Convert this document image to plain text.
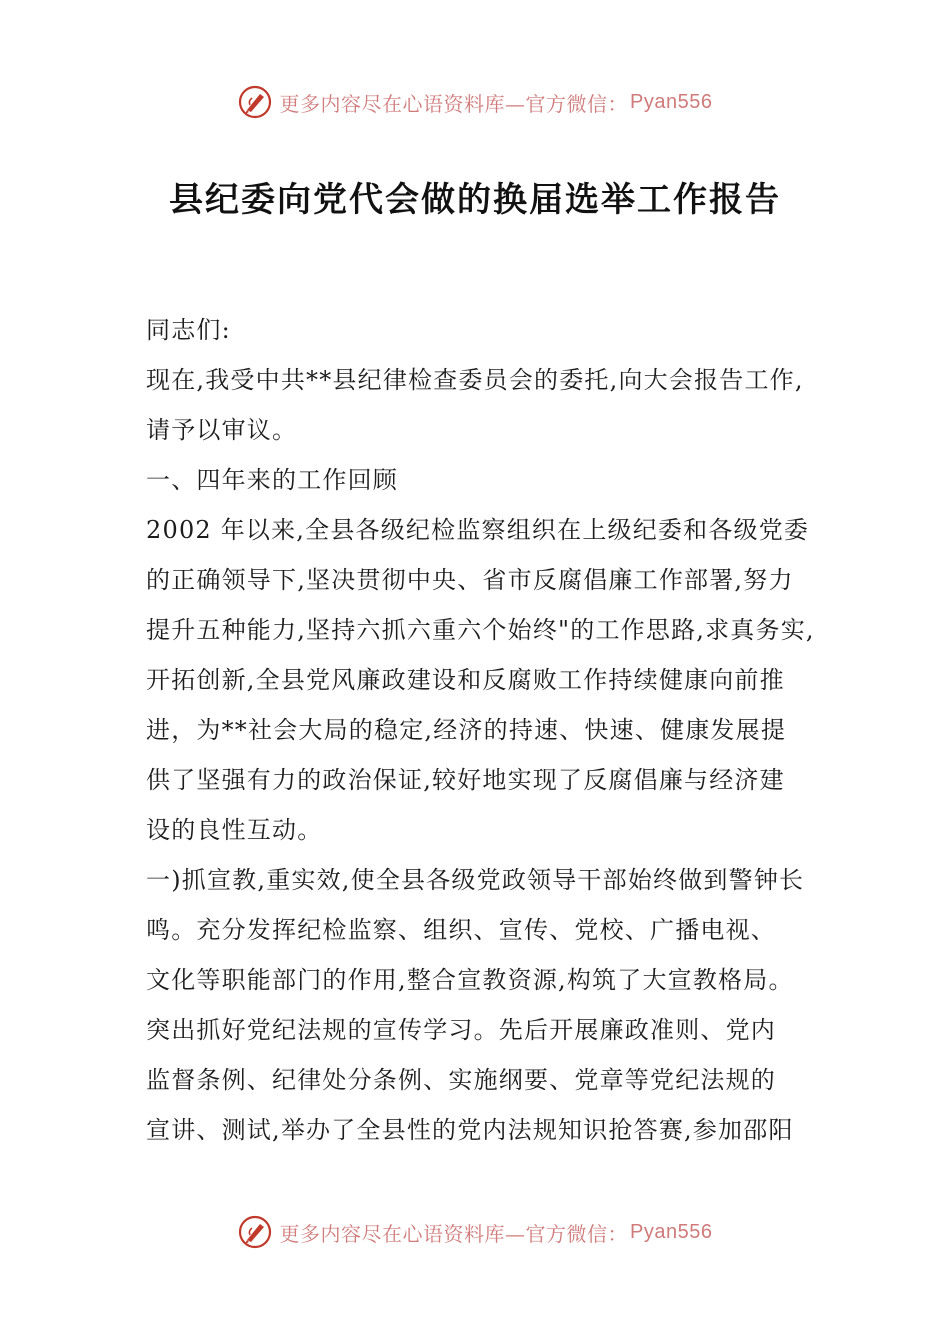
更多内容尽在心语资料库—官方微信： Pyan556
县纪委向党代会做的换届选举工作报告
同志们:
现在,我受中共**县纪律检查委员会的委托,向大会报告工作,
请予以审议。
一、四年来的工作回顾
2002 年以来,全县各级纪检监察组织在上级纪委和各级党委
的正确领导下,坚决贯彻中央、省市反腐倡廉工作部署,努力
提升五种能力,坚持六抓六重六个始终"的工作思路,求真务实,
开拓创新,全县党风廉政建设和反腐败工作持续健康向前推
进，为**社会大局的稳定,经济的持速、快速、健康发展提
供了坚强有力的政治保证,较好地实现了反腐倡廉与经济建
设的良性互动。
一)抓宣教,重实效,使全县各级党政领导干部始终做到警钟长
鸣。充分发挥纪检监察、组织、宣传、党校、广播电视、
文化等职能部门的作用,整合宣教资源,构筑了大宣教格局。
突出抓好党纪法规的宣传学习。先后开展廉政准则、党内
监督条例、纪律处分条例、实施纲要、党章等党纪法规的
宣讲、测试,举办了全县性的党内法规知识抢答赛,参加邵阳
更多内容尽在心语资料库—官方微信： Pyan556
